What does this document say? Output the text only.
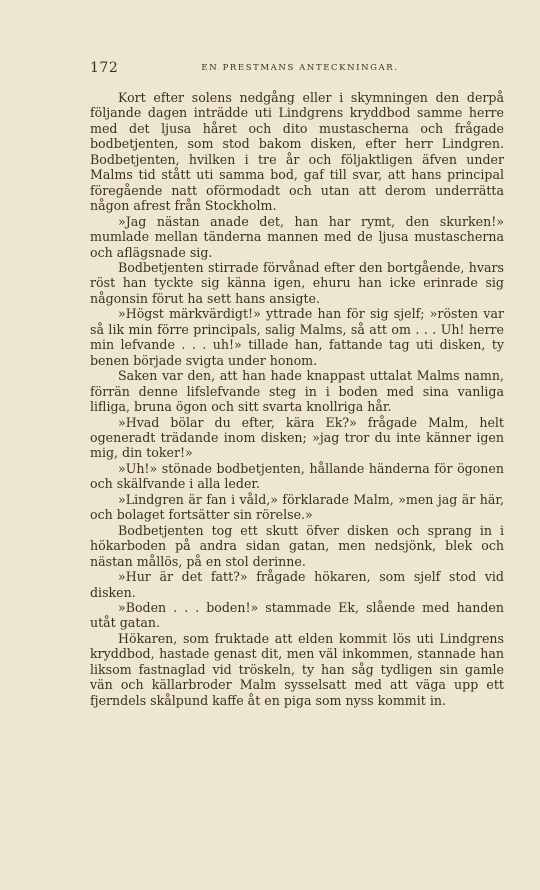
172	EN PRESTMANS ANTECKNINGAR.

Kort efter solens nedgång eller i skymningen den derpå följande dagen inträdde uti Lindgrens kryddbod samme herre med det ljusa håret och dito mustascherna och frågade bodbetjenten, som stod bakom disken, efter herr Lindgren. Bodbetjenten, hvilken i tre år och följaktligen äfven under Malms tid stått uti samma bod, gaf till svar, att hans principal föregående natt oförmodadt och utan att derom underrätta någon afrest från Stockholm.

»Jag nästan anade det, han har rymt, den skurken!» mumlade mellan tänderna mannen med de ljusa mustascherna och aflägsnade sig.

Bodbetjenten stirrade förvånad efter den bortgående, hvars röst han tyckte sig känna igen, ehuru han icke erinrade sig någonsin förut ha sett hans ansigte.

»Högst märkvärdigt!» yttrade han för sig sjelf; »rösten var så lik min förre principals, salig Malms, så att om . . . Uh! herre min lefvande . . . uh!» tillade han, fattande tag uti disken, ty benen började svigta under honom.

Saken var den, att han hade knappast uttalat Malms namn, förrän denne lifslefvande steg in i boden med sina vanliga lifliga, bruna ögon och sitt svarta knollriga hår.

»Hvad bölar du efter, kära Ek?» frågade Malm, helt ogeneradt trädande inom disken; »jag tror du inte känner igen mig, din toker!»

»Uh!» stönade bodbetjenten, hållande händerna för ögonen och skälfvande i alla leder.

»Lindgren är fan i våld,» förklarade Malm, »men jag är här, och bolaget fortsätter sin rörelse.»

Bodbetjenten tog ett skutt öfver disken och sprang in i hökarboden på andra sidan gatan, men nedsjönk, blek och nästan mållös, på en stol derinne.

»Hur är det fatt?» frågade hökaren, som sjelf stod vid disken.

»Boden . . . boden!» stammade Ek, slående med handen utåt gatan.

Hökaren, som fruktade att elden kommit lös uti Lindgrens kryddbod, hastade genast dit, men väl inkommen, stannade han liksom fastnaglad vid tröskeln, ty han såg tydligen sin gamle vän och källarbroder Malm sysselsatt med att väga upp ett fjerndels skålpund kaffe åt en piga som nyss kommit in.
